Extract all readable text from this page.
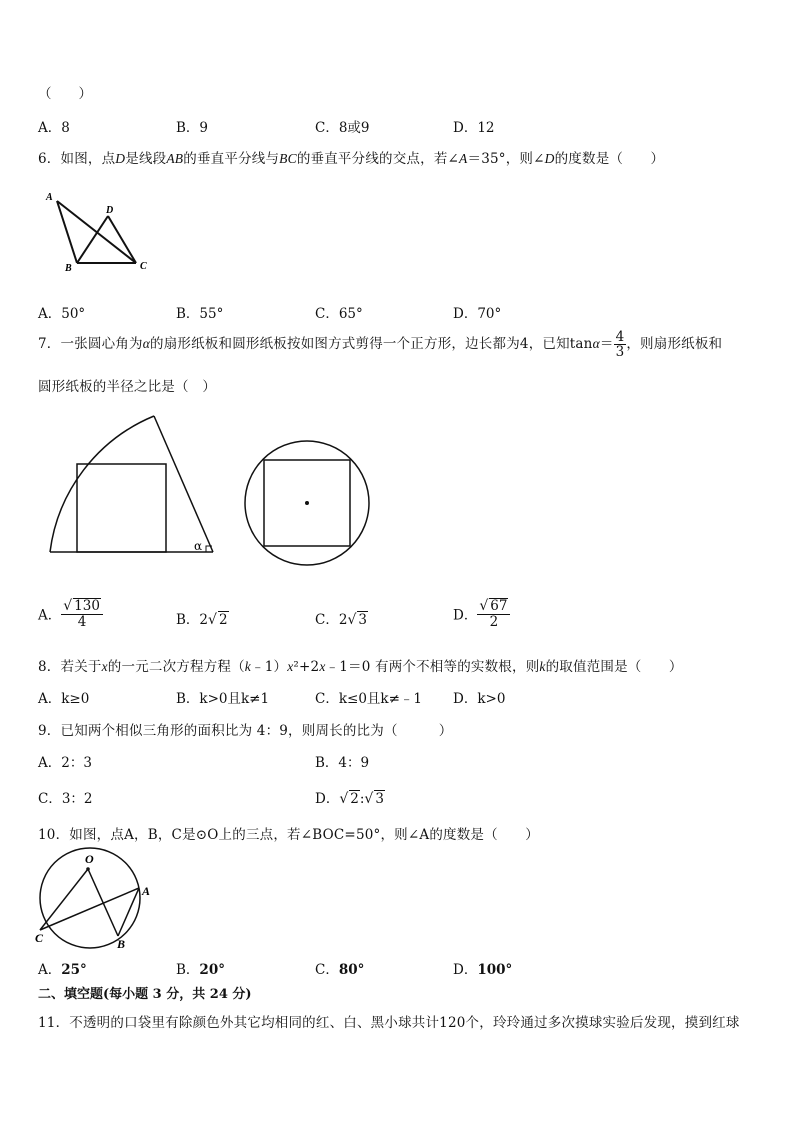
（　　）
A．8	B．9	C．8或9	D．12
6．如图，点D是线段AB的垂直平分线与BC的垂直平分线的交点，若∠A＝35°，则∠D的度数是（　　）
A
D
B	C
A．50°	B．55°	C．65°	D．70°
7．一张圆心角为α的扇形纸板和圆形纸板按如图方式剪得一个正方形，边长都为4，已知$\tan\alpha= \frac{4}{3}$ ，则扇形纸板和
圆形纸板的半径之比是（　）
α
A． $\frac{√ 130}{4}$	B．2√ 2	C．2√ 3	D． $\frac{√ 67}{2}$
8．若关于x的一元二次方程方程（k﹣1）x²+2x﹣1＝0 有两个不相等的实数根，则k的取值范围是（　　）
A．k≥0	B．k>0且k≠1	C．k≤0且k≠﹣1 D．k>0
9．已知两个相似三角形的面积比为 4：9，则周长的比为（　　　）
A．2：3	B．4：9
C．3：2	D．√ 2:√ 3
10．如图，点A，B，C是⊙O上的三点，若∠BOC=50°，则∠A的度数是（　　）
O
A
B
C
A．25°	B．20°	C．80°	D．100°
二、填空题(每小题 3 分，共 24 分)
11．不透明的口袋里有除颜色外其它均相同的红、白、黑小球共计120个，玲玲通过多次摸球实验后发现，摸到红球
